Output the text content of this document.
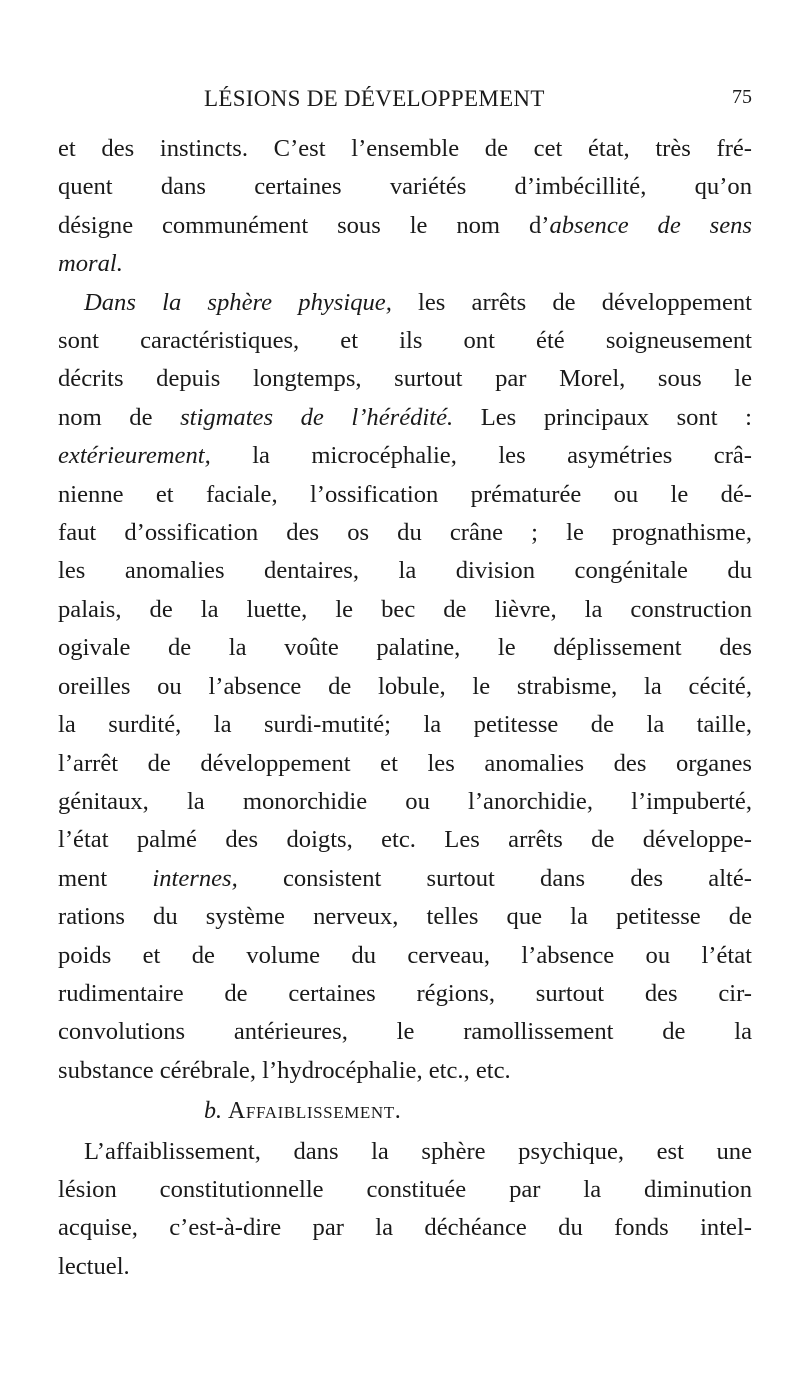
LÉSIONS DE DÉVELOPPEMENT	75
et des instincts. C’est l’ensemble de cet état, très fré-
quent dans certaines variétés d’imbécillité, qu’on
désigne communément sous le nom d’absence de sens
moral.
Dans la sphère physique, les arrêts de développement
sont caractéristiques, et ils ont été soigneusement
décrits depuis longtemps, surtout par Morel, sous le
nom de stigmates de l’hérédité. Les principaux sont :
extérieurement, la microcéphalie, les asymétries crâ-
nienne et faciale, l’ossification prématurée ou le dé-
faut d’ossification des os du crâne ; le prognathisme,
les anomalies dentaires, la division congénitale du
palais, de la luette, le bec de lièvre, la construction
ogivale de la voûte palatine, le déplissement des
oreilles ou l’absence de lobule, le strabisme, la cécité,
la surdité, la surdi-mutité; la petitesse de la taille,
l’arrêt de développement et les anomalies des organes
génitaux, la monorchidie ou l’anorchidie, l’impuberté,
l’état palmé des doigts, etc. Les arrêts de développe-
ment internes, consistent surtout dans des alté-
rations du système nerveux, telles que la petitesse de
poids et de volume du cerveau, l’absence ou l’état
rudimentaire de certaines régions, surtout des cir-
convolutions antérieures, le ramollissement de la
substance cérébrale, l’hydrocéphalie, etc., etc.
b. Affaiblissement.
L’affaiblissement, dans la sphère psychique, est une
lésion constitutionnelle constituée par la diminution
acquise, c’est-à-dire par la déchéance du fonds intel-
lectuel.
